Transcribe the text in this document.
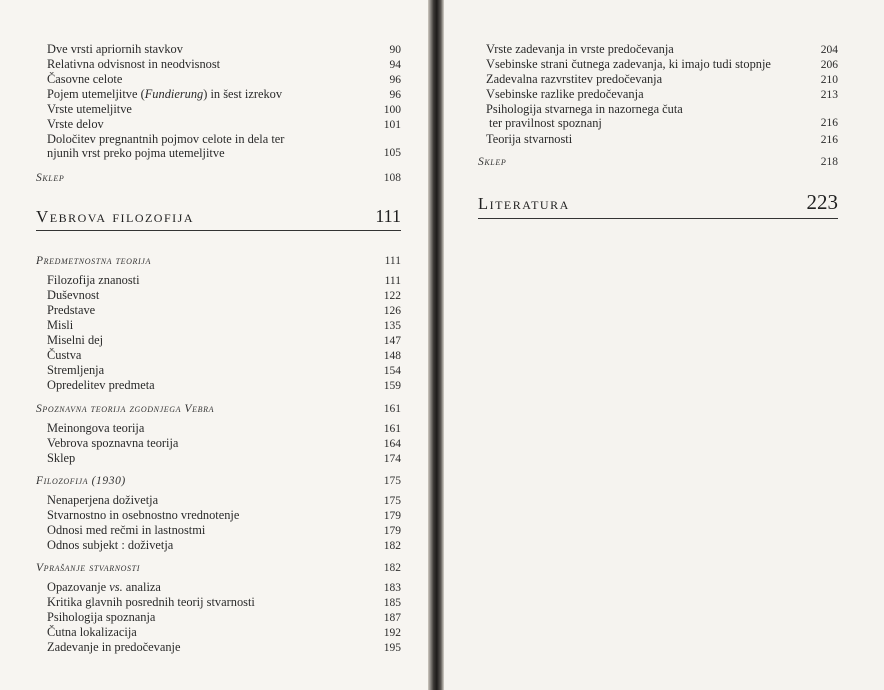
Dve vrsti apriornih stavkov	90
Relativna odvisnost in neodvisnost	94
Časovne celote	96
Pojem utemeljitve (Fundierung) in šest izrekov	96
Vrste utemeljitve	100
Vrste delov	101
Določitev pregnantnih pojmov celote in dela ter
njunih vrst preko pojma utemeljitve	105
Sklep	108
Vebrova filozofija	111
Predmetnostna teorija	111
Filozofija znanosti	111
Duševnost	122
Predstave	126
Misli	135
Miselni dej	147
Čustva	148
Stremljenja	154
Opredelitev predmeta	159
Spoznavna teorija zgodnjega Vebra	161
Meinongova teorija	161
Vebrova spoznavna teorija	164
Sklep	174
Filozofija (1930)	175
Nenaperjena doživetja	175
Stvarnostno in osebnostno vrednotenje	179
Odnosi med rečmi in lastnostmi	179
Odnos subjekt : doživetja	182
Vprašanje stvarnosti	182
Opazovanje vs. analiza	183
Kritika glavnih posrednih teorij stvarnosti	185
Psihologija spoznanja	187
Čutna lokalizacija	192
Zadevanje in predočevanje	195
Vrste zadevanja in vrste predočevanja	204
Vsebinske strani čutnega zadevanja, ki imajo tudi stopnje	206
Zadevalna razvrstitev predočevanja	210
Vsebinske razlike predočevanja	213
Psihologija stvarnega in nazornega čuta
ter pravilnost spoznanj	216
Teorija stvarnosti	216
Sklep	218
Literatura	223
